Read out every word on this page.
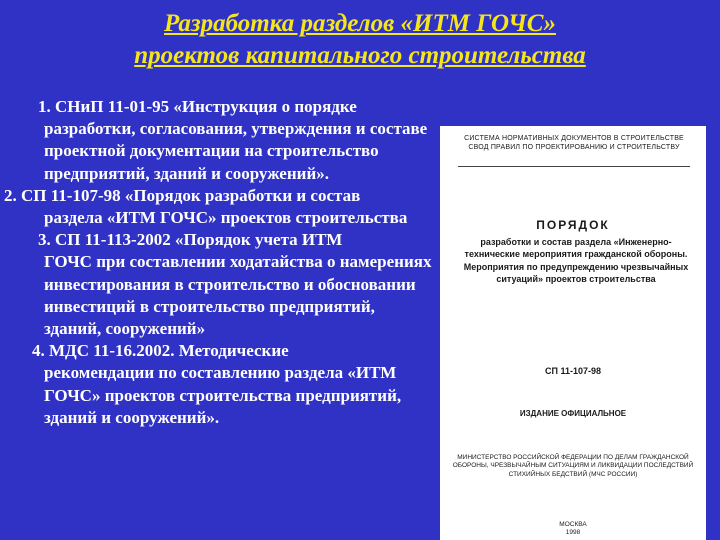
Разработка разделов «ИТМ ГОЧС»
проектов капитального строительства
1. СНиП 11-01-95 «Инструкция о порядке
разработки, согласования, утверждения и составе проектной документации на строительство предприятий, зданий и сооружений».
2. СП 11-107-98 «Порядок разработки и состав
раздела «ИТМ ГОЧС» проектов строительства
3. СП 11-113-2002 «Порядок учета ИТМ
ГОЧС при составлении ходатайства о намерениях инвестирования в строительство и обосновании инвестиций в строительство предприятий, зданий, сооружений»
4. МДС 11-16.2002. Методические
рекомендации по составлению раздела «ИТМ ГОЧС» проектов строительства предприятий, зданий и сооружений».
СИСТЕМА НОРМАТИВНЫХ ДОКУМЕНТОВ В СТРОИТЕЛЬСТВЕ СВОД ПРАВИЛ ПО ПРОЕКТИРОВАНИЮ И СТРОИТЕЛЬСТВУ
ПОРЯДОК
разработки и состав раздела «Инженерно-технические мероприятия гражданской обороны. Мероприятия по предупреждению чрезвычайных ситуаций» проектов строительства
СП 11-107-98
ИЗДАНИЕ ОФИЦИАЛЬНОЕ
МИНИСТЕРСТВО РОССИЙСКОЙ ФЕДЕРАЦИИ ПО ДЕЛАМ ГРАЖДАНСКОЙ ОБОРОНЫ, ЧРЕЗВЫЧАЙНЫМ СИТУАЦИЯМ И ЛИКВИДАЦИИ ПОСЛЕДСТВИЙ СТИХИЙНЫХ БЕДСТВИЙ (МЧС РОССИИ)
МОСКВА
1998
